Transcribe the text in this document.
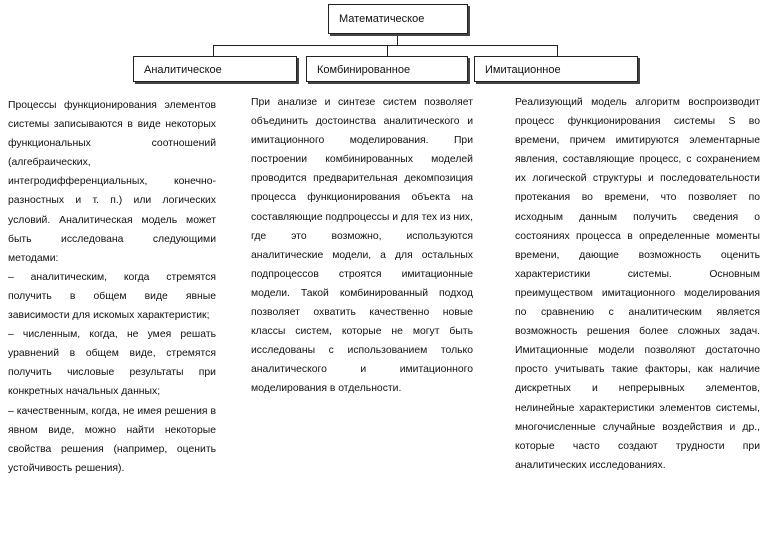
Математическое
Аналитическое	Комбинированное	Имитационное

Процессы функционирования элементов системы записываются в виде некоторых функциональных соотношений (алгебраических, интегродифференциальных, конечно-разностных и т. п.) или логических условий. Аналитическая модель может быть исследована следующими методами:

– аналитическим, когда стремятся получить в общем виде явные зависимости для искомых характеристик;

– численным, когда, не умея решать уравнений в общем виде, стремятся получить числовые результаты при конкретных начальных данных;

– качественным, когда, не имея решения в явном виде, можно найти некоторые свойства решения (например, оценить устойчивость решения).

При анализе и синтезе систем позволяет объединить достоинства аналитического и имитационного моделирования. При построении комбинированных моделей проводится предварительная декомпозиция процесса функционирования объекта на составляющие подпроцессы и для тех из них, где это возможно, используются аналитические модели, а для остальных подпроцессов строятся имитационные модели. Такой комбинированный подход позволяет охватить качественно новые классы систем, которые не могут быть исследованы с использованием только аналитического и имитационного моделирования в отдельности.

Реализующий модель алгоритм воспроизводит процесс функционирования системы S во времени, причем имитируются элементарные явления, составляющие процесс, с сохранением их логической структуры и последовательности протекания во времени, что позволяет по исходным данным получить сведения о состояниях процесса в определенные моменты времени, дающие возможность оценить характеристики системы. Основным преимуществом имитационного моделирования по сравнению с аналитическим является возможность решения более сложных задач. Имитационные модели позволяют достаточно просто учитывать такие факторы, как наличие дискретных и непрерывных элементов, нелинейные характеристики элементов системы, многочисленные случайные воздействия и др., которые часто создают трудности при аналитических исследованиях.
